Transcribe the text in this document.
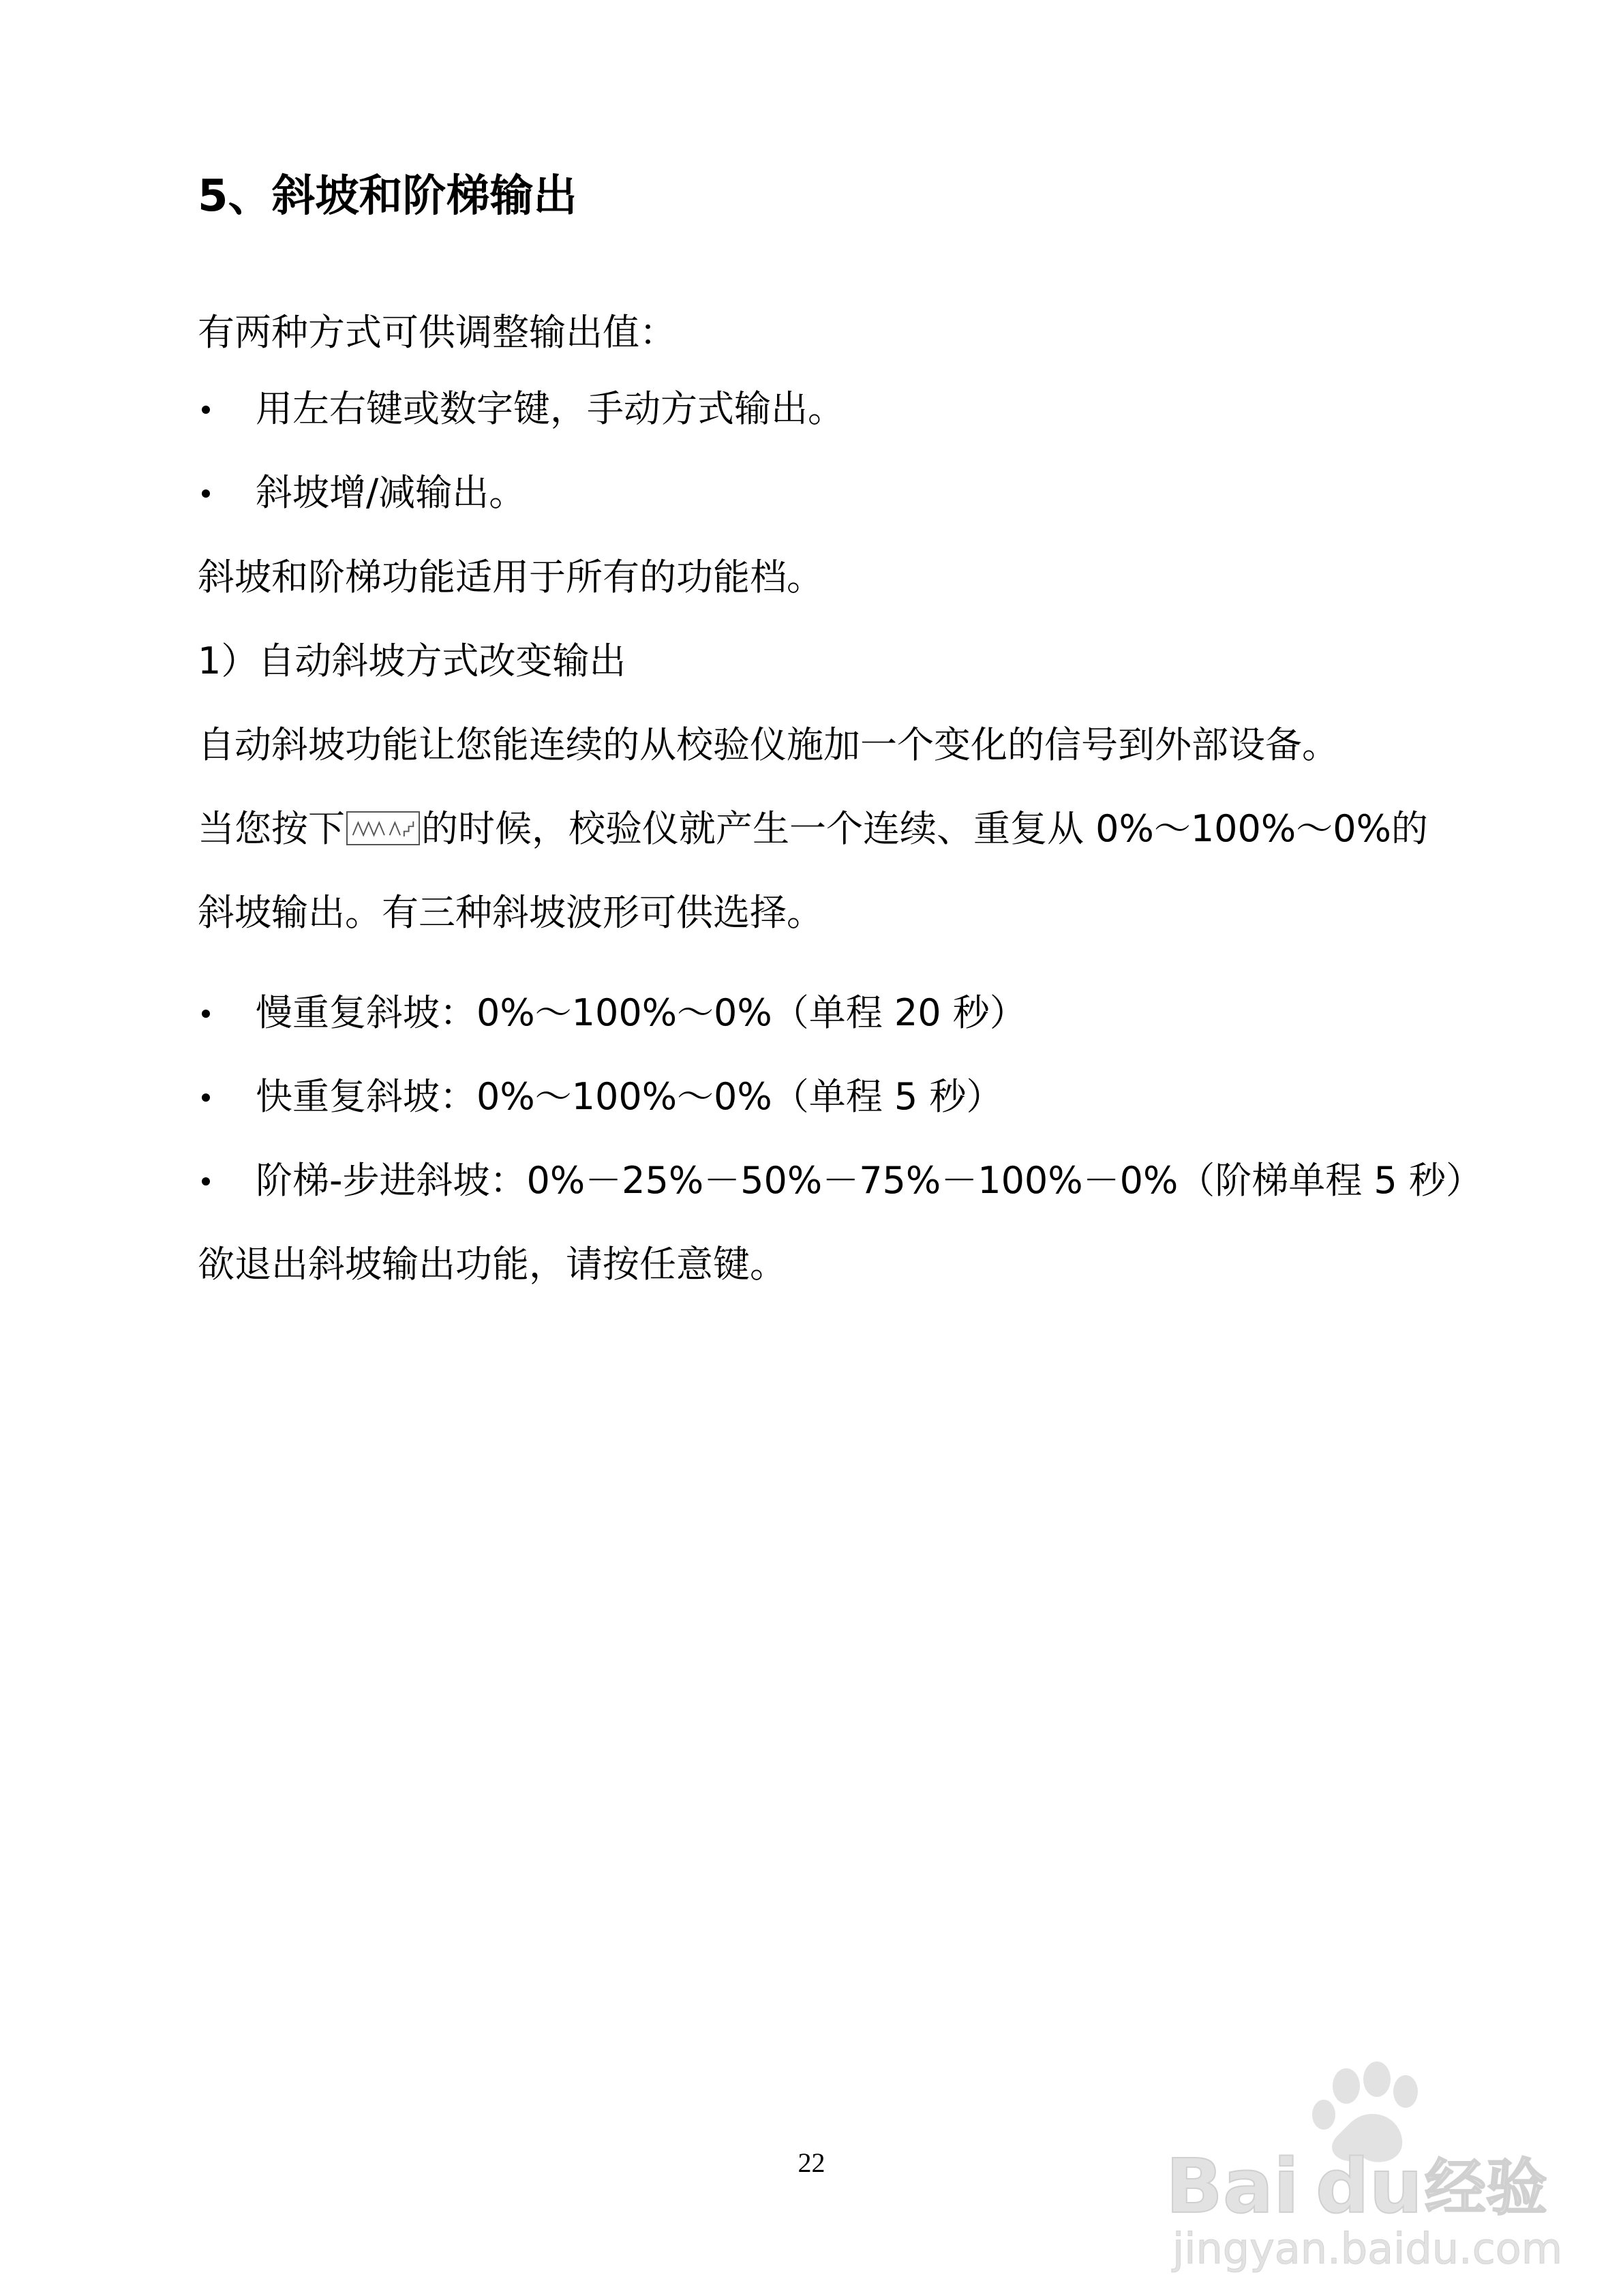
5、斜坡和阶梯输出
有两种方式可供调整输出值：
用左右键或数字键，手动方式输出。
斜坡增/减输出。
斜坡和阶梯功能适用于所有的功能档。
1）自动斜坡方式改变输出
自动斜坡功能让您能连续的从校验仪施加一个变化的信号到外部设备。
当您按下 的时候，校验仪就产生一个连续、重复从 0%～100%～0%的
斜坡输出。有三种斜坡波形可供选择。
慢重复斜坡：0%～100%～0%（单程 20 秒）
快重复斜坡：0%～100%～0%（单程 5 秒）
阶梯-步进斜坡：0%－25%－50%－75%－100%－0%（阶梯单程 5 秒）
欲退出斜坡输出功能，请按任意键。
22	Bai du 经验
jingyan.baidu.com
